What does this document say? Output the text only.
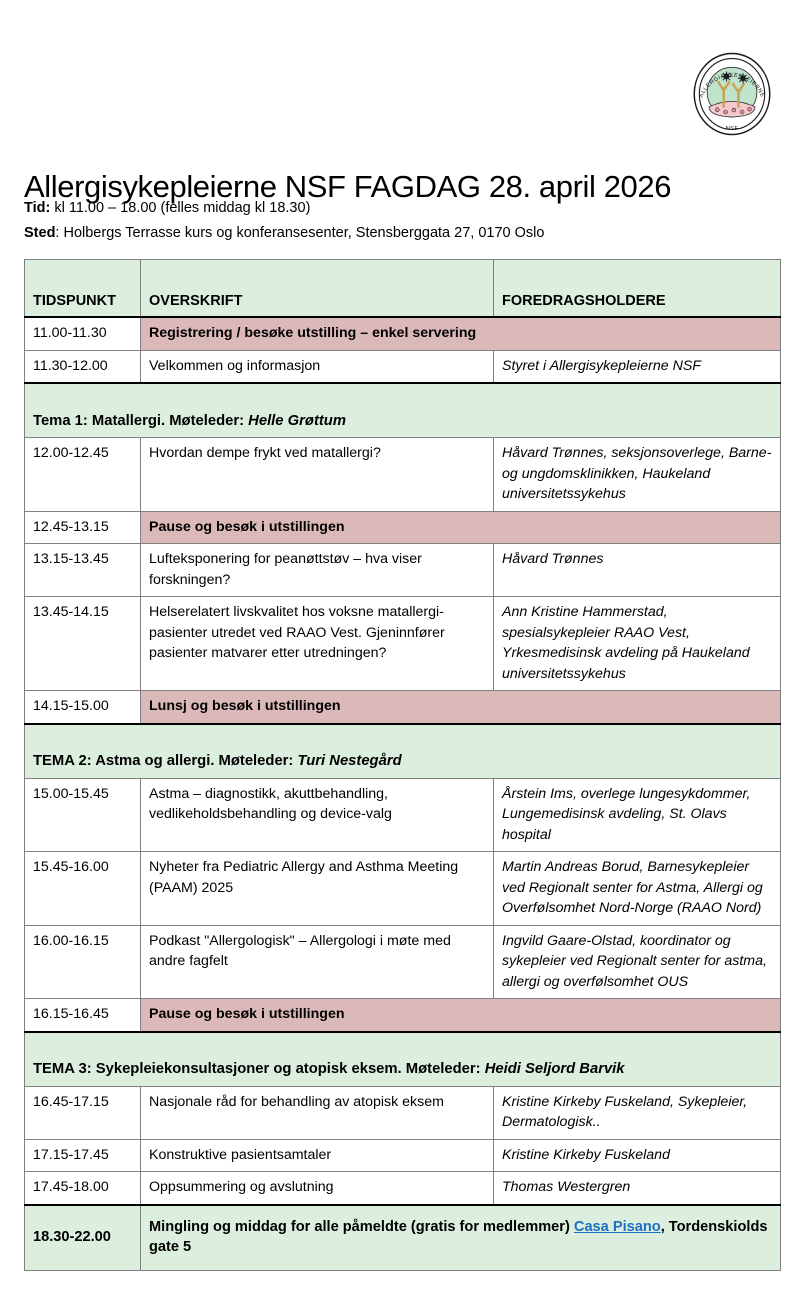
ALLERGISYKEPLEIERNE
NSF
Allergisykepleierne NSF FAGDAG 28. april 2026
Tid: kl 11.00 – 18.00 (felles middag kl 18.30)
Sted: Holbergs Terrasse kurs og konferansesenter, Stensberggata 27, 0170 Oslo
TIDSPUNKT	OVERSKRIFT	FOREDRAGSHOLDERE
11.00-11.30	Registrering / besøke utstilling – enkel servering	
11.30-12.00	Velkommen og informasjon	Styret i Allergisykepleierne NSF
Tema 1: Matallergi. Møteleder: Helle Grøttum		
12.00-12.45	Hvordan dempe frykt ved matallergi?	Håvard Trønnes, seksjonsoverlege, Barne- og ungdomsklinikken, Haukeland universitetssykehus
12.45-13.15	Pause og besøk i utstillingen	
13.15-13.45	Lufteksponering for peanøttstøv – hva viser forskningen?	Håvard Trønnes
13.45-14.15	Helserelatert livskvalitet hos voksne matallergi-pasienter utredet ved RAAO Vest. Gjeninnfører pasienter matvarer etter utredningen?	Ann Kristine Hammerstad, spesialsykepleier RAAO Vest, Yrkesmedisinsk avdeling på Haukeland universitetssykehus
14.15-15.00	Lunsj og besøk i utstillingen	
TEMA 2: Astma og allergi. Møteleder: Turi Nestegård		
15.00-15.45	Astma – diagnostikk, akuttbehandling, vedlikeholdsbehandling og device-valg	Årstein Ims, overlege lungesykdommer, Lungemedisinsk avdeling, St. Olavs hospital
15.45-16.00	Nyheter fra Pediatric Allergy and Asthma Meeting (PAAM) 2025	Martin Andreas Borud, Barnesykepleier ved Regionalt senter for Astma, Allergi og Overfølsomhet Nord-Norge (RAAO Nord)
16.00-16.15	Podkast "Allergologisk" – Allergologi i møte med andre fagfelt	Ingvild Gaare-Olstad, koordinator og sykepleier ved Regionalt senter for astma, allergi og overfølsomhet OUS
16.15-16.45	Pause og besøk i utstillingen	
TEMA 3: Sykepleiekonsultasjoner og atopisk eksem. Møteleder: Heidi Seljord Barvik		
16.45-17.15	Nasjonale råd for behandling av atopisk eksem	Kristine Kirkeby Fuskeland, Sykepleier, Dermatologisk..
17.15-17.45	Konstruktive pasientsamtaler	Kristine Kirkeby Fuskeland
17.45-18.00	Oppsummering og avslutning	Thomas Westergren
18.30-22.00	Mingling og middag for alle påmeldte (gratis for medlemmer) Casa Pisano, Tordenskiolds gate 5	
